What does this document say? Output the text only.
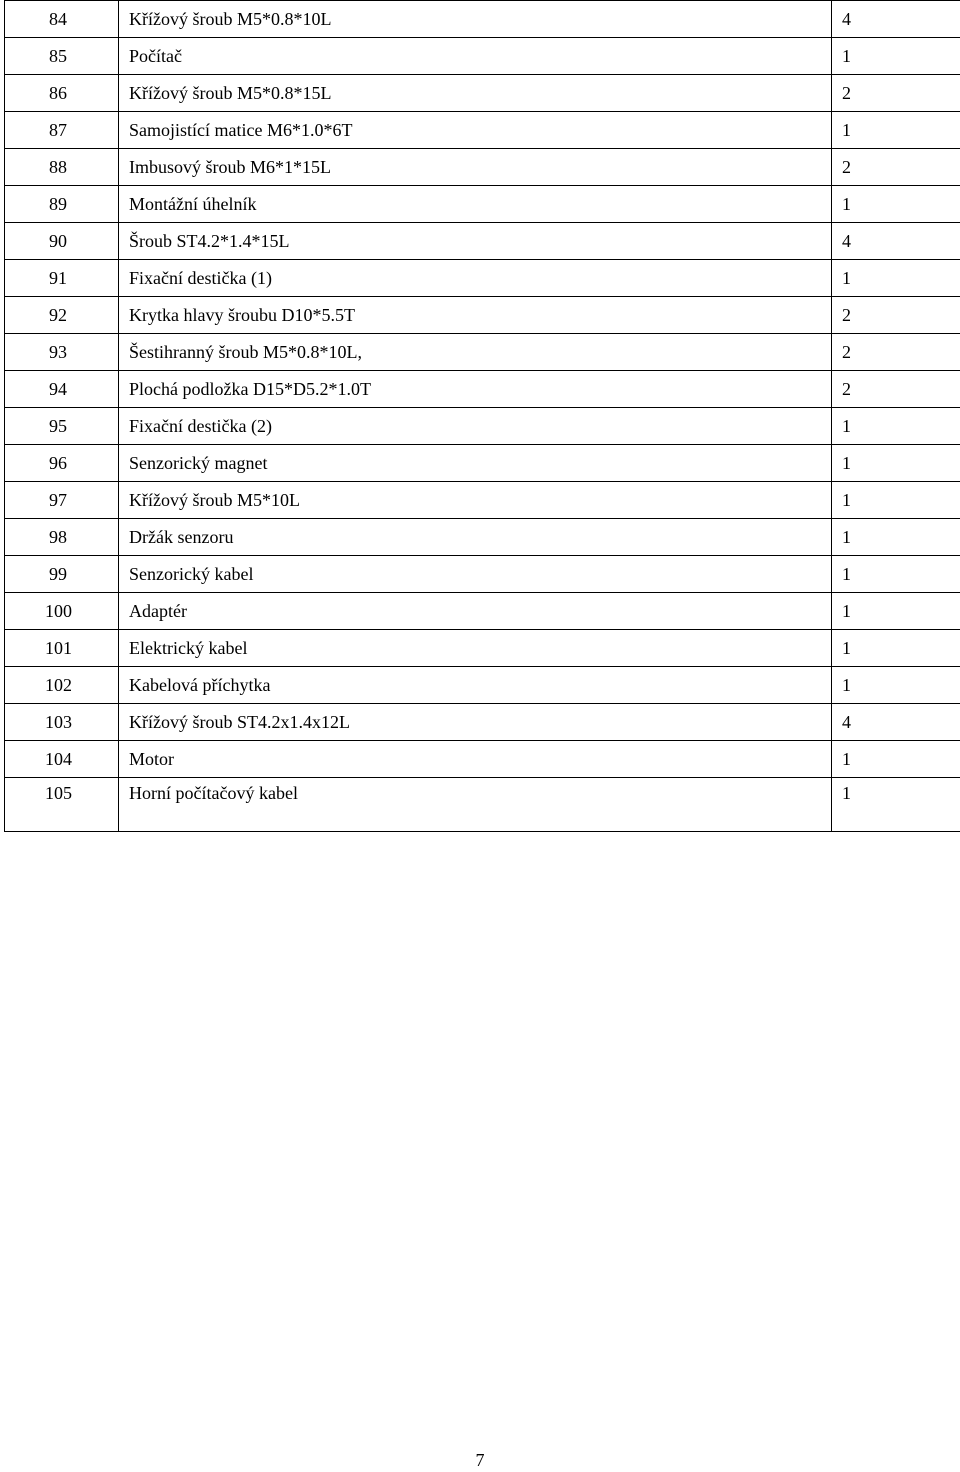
84	Křížový šroub M5*0.8*10L	4
85	Počítač	1
86	Křížový šroub M5*0.8*15L	2
87	Samojistící matice M6*1.0*6T	1
88	Imbusový šroub M6*1*15L	2
89	Montážní úhelník	1
90	Šroub ST4.2*1.4*15L	4
91	Fixační destička (1)	1
92	Krytka hlavy šroubu D10*5.5T	2
93	Šestihranný šroub M5*0.8*10L,	2
94	Plochá podložka D15*D5.2*1.0T	2
95	Fixační destička (2)	1
96	Senzorický magnet	1
97	Křížový šroub M5*10L	1
98	Držák senzoru	1
99	Senzorický kabel	1
100	Adaptér	1
101	Elektrický kabel	1
102	Kabelová příchytka	1
103	Křížový šroub ST4.2x1.4x12L	4
104	Motor	1
105	Horní počítačový kabel	1
7
